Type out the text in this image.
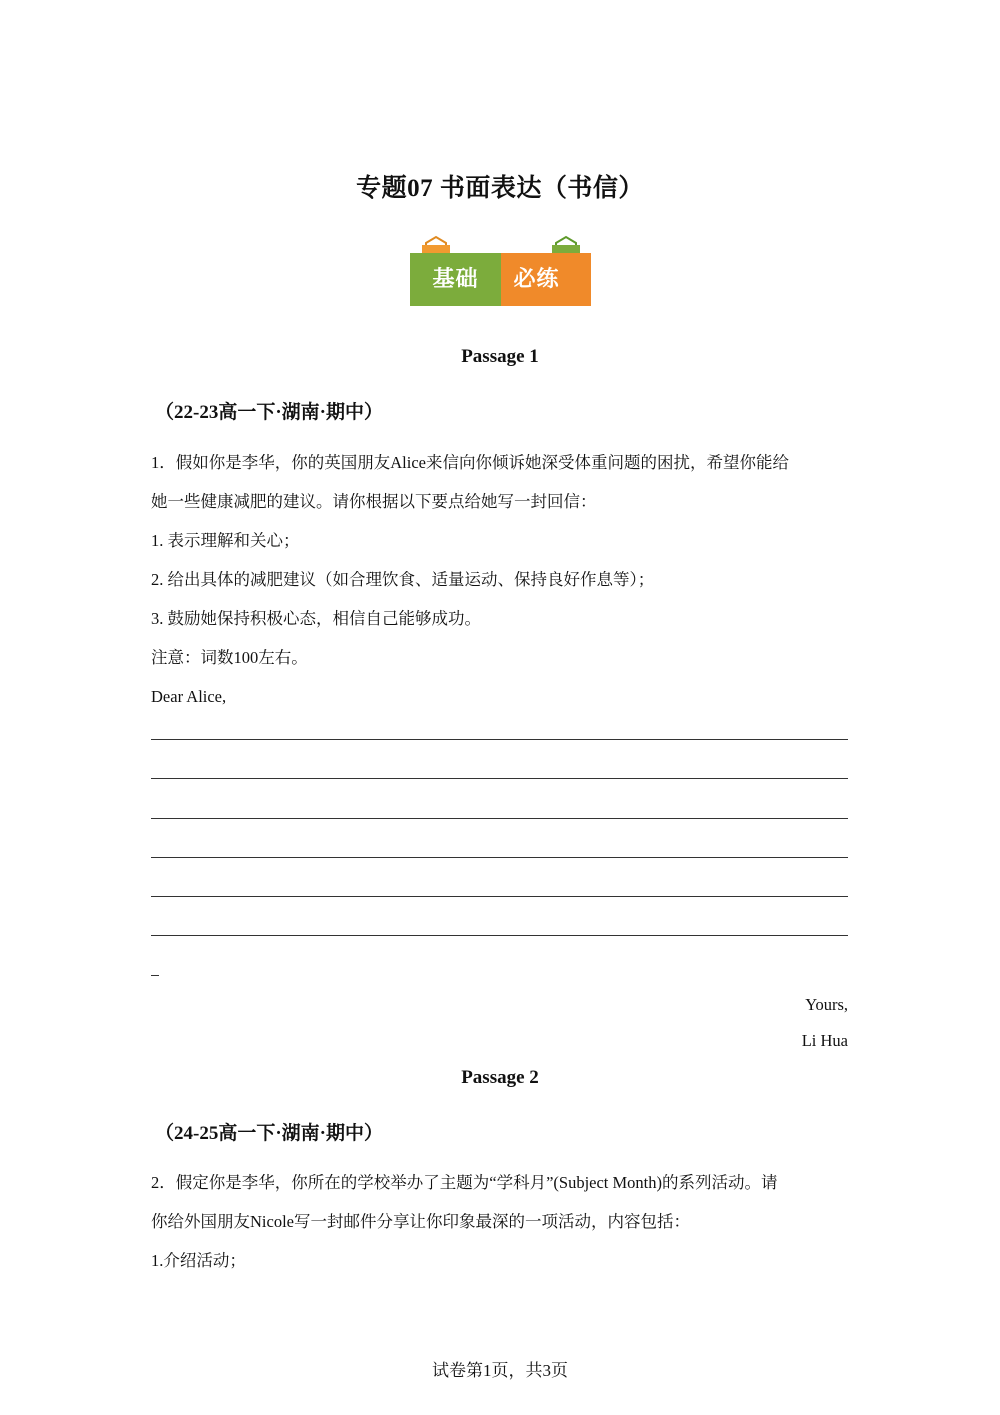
专题07 书面表达（书信）
基础	必练
Passage 1
（22-23高一下·湖南·期中）
1．假如你是李华，你的英国朋友Alice来信向你倾诉她深受体重问题的困扰，希望你能给
她一些健康减肥的建议。请你根据以下要点给她写一封回信：
1. 表示理解和关心；
2. 给出具体的减肥建议（如合理饮食、适量运动、保持良好作息等）；
3. 鼓励她保持积极心态，相信自己能够成功。
注意：词数100左右。
Dear Alice,
Yours,
Li Hua
Passage 2
（24-25高一下·湖南·期中）
2．假定你是李华，你所在的学校举办了主题为“学科月”(Subject Month)的系列活动。请
你给外国朋友Nicole写一封邮件分享让你印象最深的一项活动，内容包括：
1.介绍活动；
试卷第1页，共3页
